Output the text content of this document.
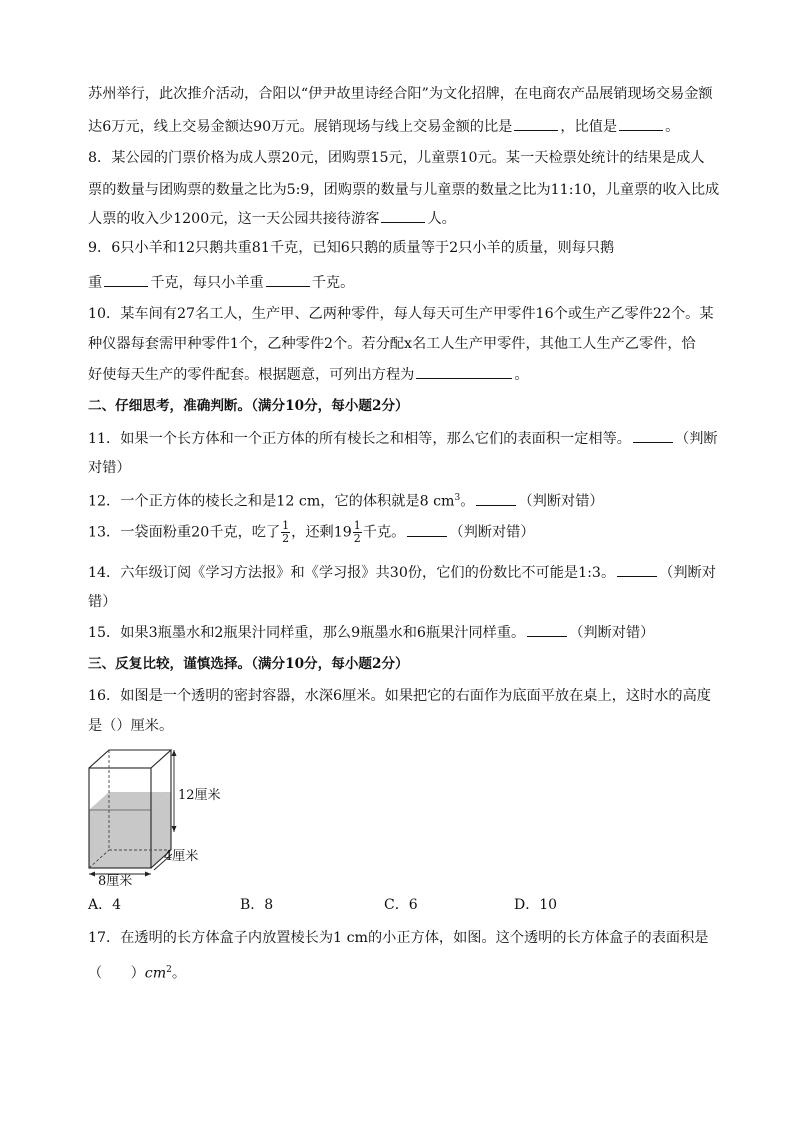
苏州举行，此次推介活动，合阳以“伊尹故里诗经合阳”为文化招牌，在电商农产品展销现场交易金额
达6万元，线上交易金额达90万元。展销现场与线上交易金额的比是	，比值是	。
8．某公园的门票价格为成人票20元，团购票15元，儿童票10元。某一天检票处统计的结果是成人
票的数量与团购票的数量之比为5:9，团购票的数量与儿童票的数量之比为11:10，儿童票的收入比成
人票的收入少1200元，这一天公园共接待游客	人。
9．6只小羊和12只鹅共重81千克，已知6只鹅的质量等于2只小羊的质量，则每只鹅
重	千克，每只小羊重	千克。
10．某车间有27名工人，生产甲、乙两种零件，每人每天可生产甲零件16个或生产乙零件22个。某
种仪器每套需甲种零件1个，乙种零件2个。若分配x名工人生产甲零件，其他工人生产乙零件，恰
好使每天生产的零件配套。根据题意，可列出方程为	。
二、仔细思考，准确判断。（满分10分，每小题2分）
11．如果一个长方体和一个正方体的所有棱长之和相等，那么它们的表面积一定相等。	（判断
对错）
12．一个正方体的棱长之和是12 cm，它的体积就是8 $cm^3$。	（判断对错）
13．一袋面粉重20千克，吃了 $\frac{1}{2}$ ，还剩$19 \frac{1}{2}$ 千克。	（判断对错）
14．六年级订阅《学习方法报》和《学习报》共30份，它们的份数比不可能是1:3。	（判断对
错）
15．如果3瓶墨水和2瓶果汁同样重，那么9瓶墨水和6瓶果汁同样重。	（判断对错）
三、反复比较，谨慎选择。（满分10分，每小题2分）
16．如图是一个透明的密封容器，水深6厘米。如果把它的右面作为底面平放在桌上，这时水的高度
是（）厘米。
12厘米
4厘米
8厘米
A．4	B．8	C．6	D．10
17．在透明的长方体盒子内放置棱长为1 cm的小正方体，如图。这个透明的长方体盒子的表面积是
（　　）$cm^2$。
